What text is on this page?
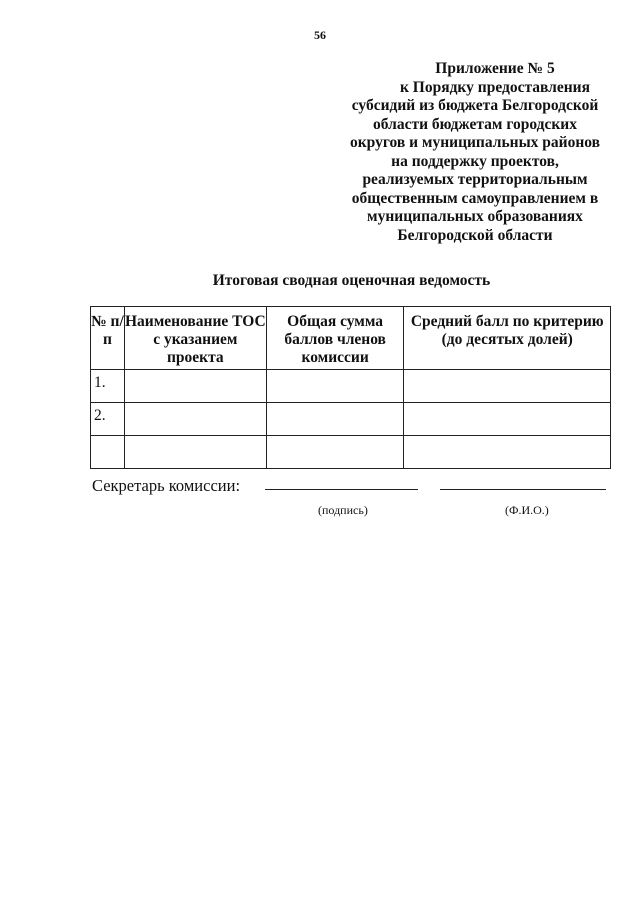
56
Приложение № 5
к Порядку предоставления
субсидий из бюджета Белгородской
области бюджетам городских
округов и муниципальных районов
на поддержку проектов,
реализуемых территориальным
общественным самоуправлением в
муниципальных образованиях
Белгородской области
Итоговая сводная оценочная ведомость
№ п/п	Наименование ТОС с указанием проекта	Общая сумма баллов членов комиссии	Средний балл по критерию (до десятых долей)
1.			
2.			

Секретарь комиссии:
(подпись)	(Ф.И.О.)
